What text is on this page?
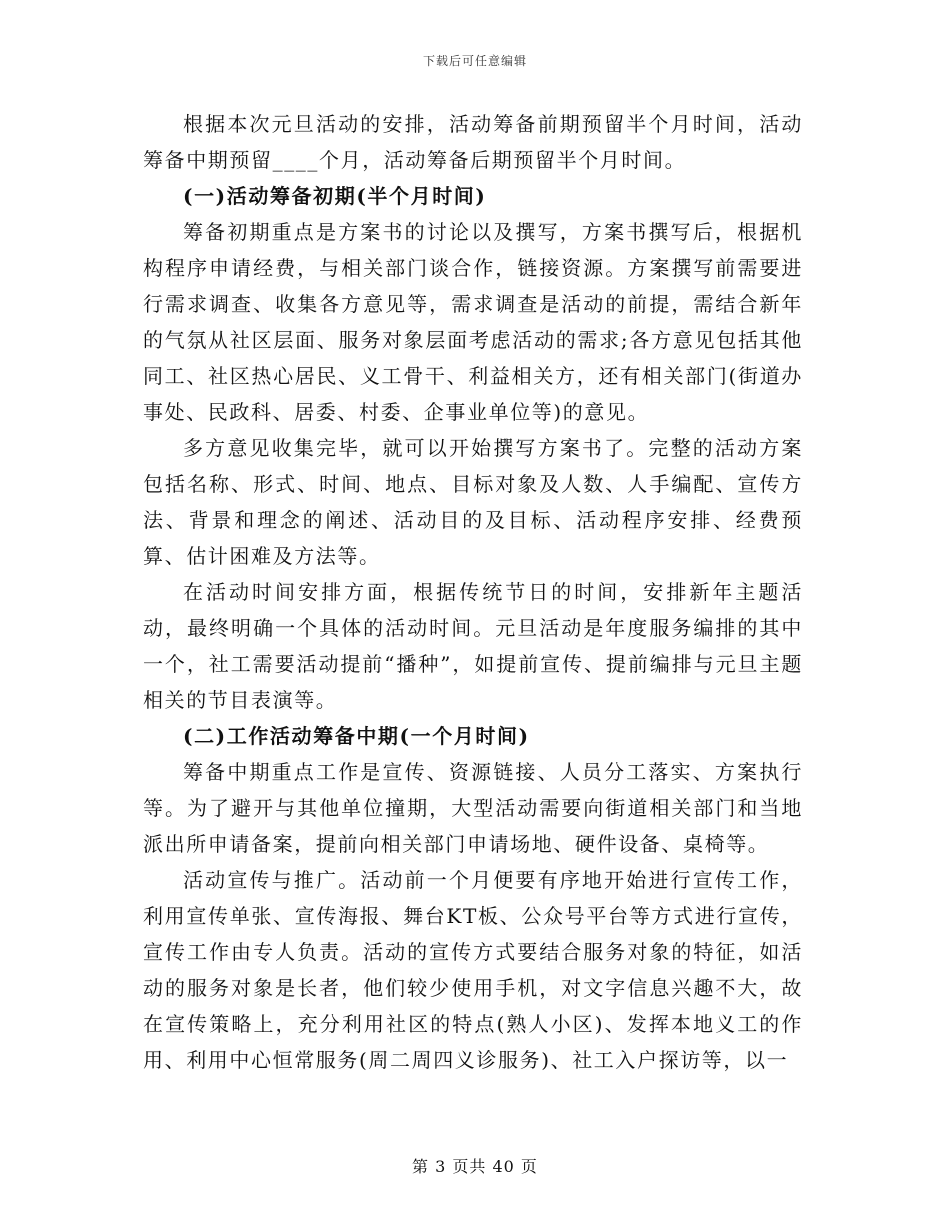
下载后可任意编辑

根据本次元旦活动的安排，活动筹备前期预留半个月时间，活动筹备中期预留____个月，活动筹备后期预留半个月时间。

(一)活动筹备初期(半个月时间)

筹备初期重点是方案书的讨论以及撰写，方案书撰写后，根据机构程序申请经费，与相关部门谈合作，链接资源。方案撰写前需要进行需求调查、收集各方意见等，需求调查是活动的前提，需结合新年的气氛从社区层面、服务对象层面考虑活动的需求;各方意见包括其他同工、社区热心居民、义工骨干、利益相关方，还有相关部门(街道办事处、民政科、居委、村委、企事业单位等)的意见。

多方意见收集完毕，就可以开始撰写方案书了。完整的活动方案包括名称、形式、时间、地点、目标对象及人数、人手编配、宣传方法、背景和理念的阐述、活动目的及目标、活动程序安排、经费预算、估计困难及方法等。

在活动时间安排方面，根据传统节日的时间，安排新年主题活动，最终明确一个具体的活动时间。元旦活动是年度服务编排的其中一个，社工需要活动提前“播种”，如提前宣传、提前编排与元旦主题相关的节目表演等。

(二)工作活动筹备中期(一个月时间)

筹备中期重点工作是宣传、资源链接、人员分工落实、方案执行等。为了避开与其他单位撞期，大型活动需要向街道相关部门和当地派出所申请备案，提前向相关部门申请场地、硬件设备、桌椅等。

活动宣传与推广。活动前一个月便要有序地开始进行宣传工作，利用宣传单张、宣传海报、舞台KT板、公众号平台等方式进行宣传，宣传工作由专人负责。活动的宣传方式要结合服务对象的特征，如活动的服务对象是长者，他们较少使用手机，对文字信息兴趣不大，故在宣传策略上，充分利用社区的特点(熟人小区)、发挥本地义工的作用、利用中心恒常服务(周二周四义诊服务)、社工入户探访等，以一

第 3 页共 40 页
